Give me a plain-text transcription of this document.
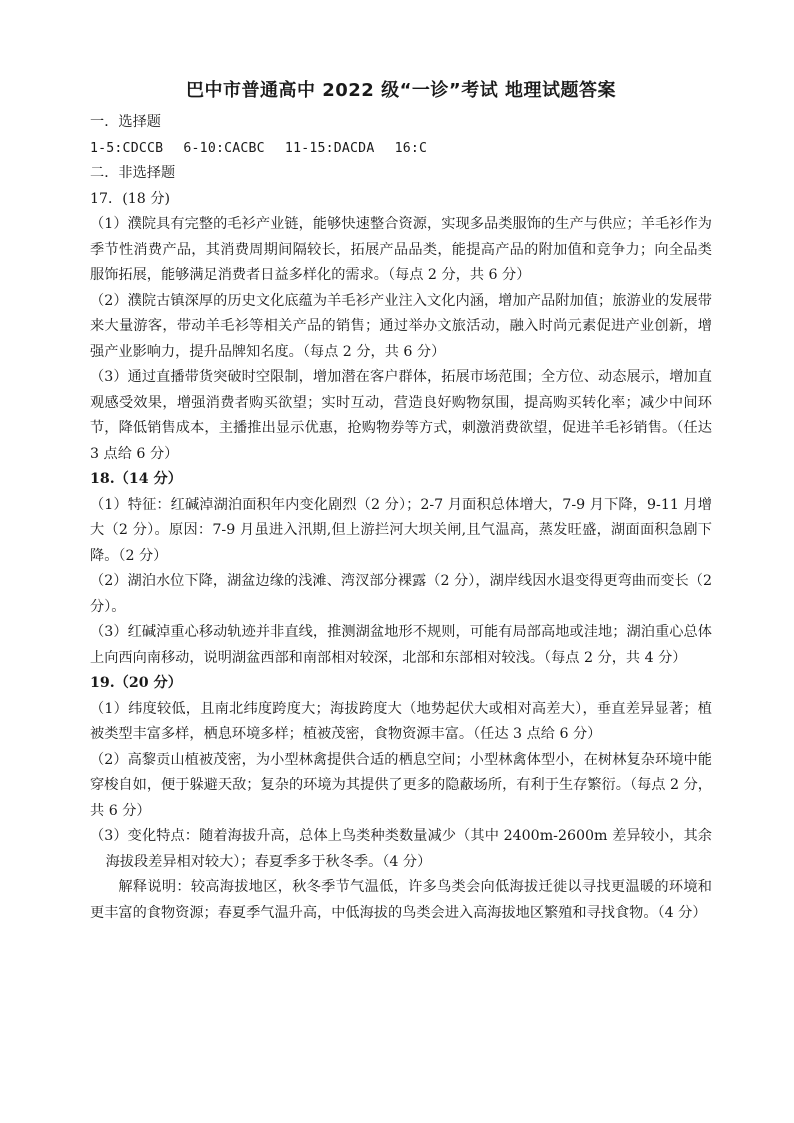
巴中市普通高中 2022 级“一诊”考试 地理试题答案

一．选择题

1-5:CDCCB 6-10:CACBC 11-15:DACDA 16:C

二．非选择题

17．(18 分)

（1）濮院具有完整的毛衫产业链，能够快速整合资源，实现多品类服饰的生产与供应；羊毛衫作为季节性消费产品，其消费周期间隔较长，拓展产品品类，能提高产品的附加值和竞争力；向全品类服饰拓展，能够满足消费者日益多样化的需求。（每点 2 分，共 6 分）

（2）濮院古镇深厚的历史文化底蕴为羊毛衫产业注入文化内涵，增加产品附加值；旅游业的发展带来大量游客，带动羊毛衫等相关产品的销售；通过举办文旅活动，融入时尚元素促进产业创新，增强产业影响力，提升品牌知名度。（每点 2 分，共 6 分）

（3）通过直播带货突破时空限制，增加潜在客户群体，拓展市场范围；全方位、动态展示，增加直观感受效果，增强消费者购买欲望；实时互动，营造良好购物氛围，提高购买转化率；减少中间环节，降低销售成本，主播推出显示优惠，抢购物券等方式，刺激消费欲望，促进羊毛衫销售。（任达 3 点给 6 分）

18.（14 分）

（1）特征：红碱淖湖泊面积年内变化剧烈（2 分）；2-7 月面积总体增大，7-9 月下降，9-11 月增大（2 分）。原因：7-9 月虽进入汛期,但上游拦河大坝关闸,且气温高，蒸发旺盛，湖面面积急剧下降。（2 分）

（2）湖泊水位下降，湖盆边缘的浅滩、湾汊部分裸露（2 分），湖岸线因水退变得更弯曲而变长（2 分）。

（3）红碱淖重心移动轨迹并非直线，推测湖盆地形不规则，可能有局部高地或洼地；湖泊重心总体上向西向南移动，说明湖盆西部和南部相对较深，北部和东部相对较浅。（每点 2 分，共 4 分）

19.（20 分）

（1）纬度较低，且南北纬度跨度大；海拔跨度大（地势起伏大或相对高差大），垂直差异显著；植被类型丰富多样，栖息环境多样；植被茂密，食物资源丰富。（任达 3 点给 6 分）

（2）高黎贡山植被茂密，为小型林禽提供合适的栖息空间；小型林禽体型小，在树林复杂环境中能穿梭自如，便于躲避天敌；复杂的环境为其提供了更多的隐蔽场所，有利于生存繁衍。（每点 2 分，共 6 分）

（3）变化特点：随着海拔升高，总体上鸟类种类数量减少（其中 2400m-2600m 差异较小，其余海拔段差异相对较大）；春夏季多于秋冬季。（4 分）

解释说明：较高海拔地区，秋冬季节气温低，许多鸟类会向低海拔迁徙以寻找更温暖的环境和更丰富的食物资源；春夏季气温升高，中低海拔的鸟类会进入高海拔地区繁殖和寻找食物。（4 分）
